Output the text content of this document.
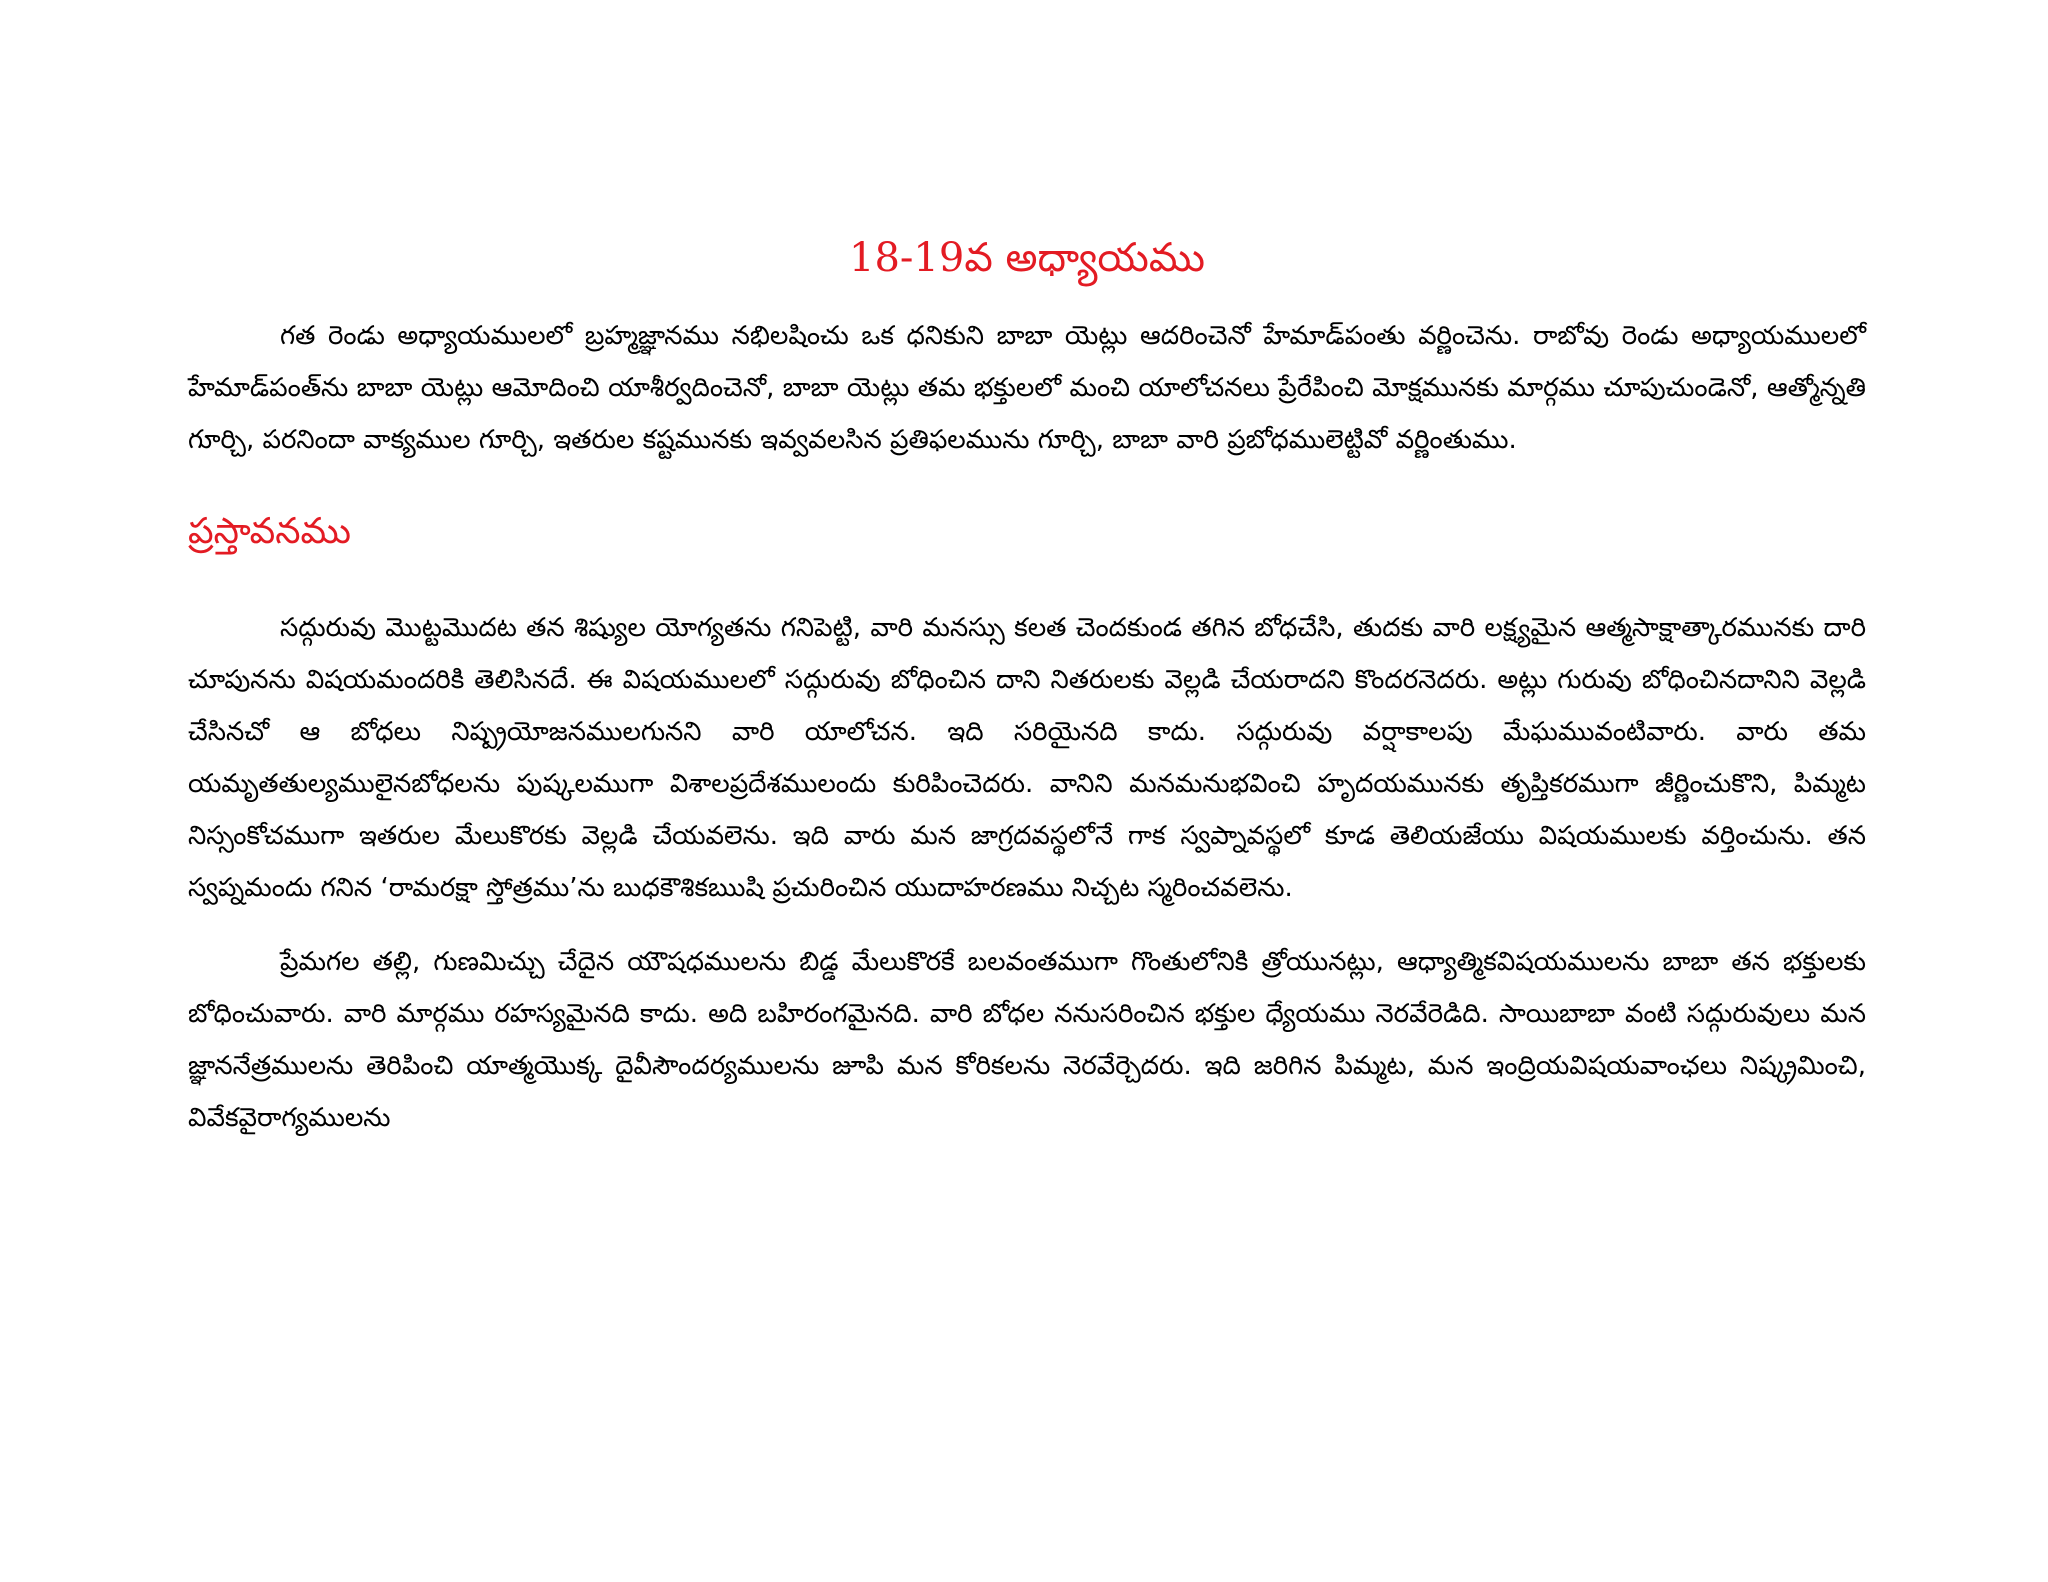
18-19వ అధ్యాయము

గత రెండు అధ్యాయములలో బ్రహ్మజ్ఞానము నభిలషించు ఒక ధనికుని బాబా యెట్లు ఆదరించెనో హేమాడ్‌పంతు వర్ణించెను. రాబోవు రెండు అధ్యాయములలో హేమాడ్‌పంత్‌ను బాబా యెట్లు ఆమోదించి యాశీర్వదించెనో, బాబా యెట్లు తమ భక్తులలో మంచి యాలోచనలు ప్రేరేపించి మోక్షమునకు మార్గము చూపుచుండెనో, ఆత్మోన్నతి గూర్చి, పరనిందా వాక్యముల గూర్చి, ఇతరుల కష్టమునకు ఇవ్వవలసిన ప్రతిఫలమును గూర్చి, బాబా వారి ప్రబోధములెట్టివో వర్ణింతుము.

ప్రస్తావనము

సద్గురువు మొట్టమొదట తన శిష్యుల యోగ్యతను గనిపెట్టి, వారి మనస్సు కలత చెందకుండ తగిన బోధచేసి, తుదకు వారి లక్ష్యమైన ఆత్మసాక్షాత్కారమునకు దారి చూపునను విషయమందరికి తెలిసినదే. ఈ విషయములలో సద్గురువు బోధించిన దాని నితరులకు వెల్లడి చేయరాదని కొందరనెదరు. అట్లు గురువు బోధించినదానిని వెల్లడి చేసినచో ఆ బోధలు నిష్ప్రయోజనములగునని వారి యాలోచన. ఇది సరియైనది కాదు. సద్గురువు వర్షాకాలపు మేఘమువంటివారు. వారు తమ యమృతతుల్యములైనబోధలను పుష్కలముగా విశాలప్రదేశములందు కురిపించెదరు. వానిని మనమనుభవించి హృదయమునకు తృప్తికరముగా జీర్ణించుకొని, పిమ్మట నిస్సంకోచముగా ఇతరుల మేలుకొరకు వెల్లడి చేయవలెను. ఇది వారు మన జాగ్రదవస్థలోనే గాక స్వప్నావస్థలో కూడ తెలియజేయు విషయములకు వర్తించును. తన స్వప్నమందు గనిన ‘రామరక్షా స్తోత్రము’ను బుధకౌశికఋషి ప్రచురించిన యుదాహరణము నిచ్చట స్మరించవలెను.

ప్రేమగల తల్లి, గుణమిచ్చు చేదైన యౌషధములను బిడ్డ మేలుకొరకే బలవంతముగా గొంతులోనికి త్రోయునట్లు, ఆధ్యాత్మికవిషయములను బాబా తన భక్తులకు బోధించువారు. వారి మార్గము రహస్యమైనది కాదు. అది బహిరంగమైనది. వారి బోధల ననుసరించిన భక్తుల ధ్యేయము నెరవేరెడిది. సాయిబాబా వంటి సద్గురువులు మన జ్ఞాననేత్రములను తెరిపించి యాత్మయొక్క దైవీసౌందర్యములను జూపి మన కోరికలను నెరవేర్చెదరు. ఇది జరిగిన పిమ్మట, మన ఇంద్రియవిషయవాంఛలు నిష్క్రమించి, వివేకవైరాగ్యములను
